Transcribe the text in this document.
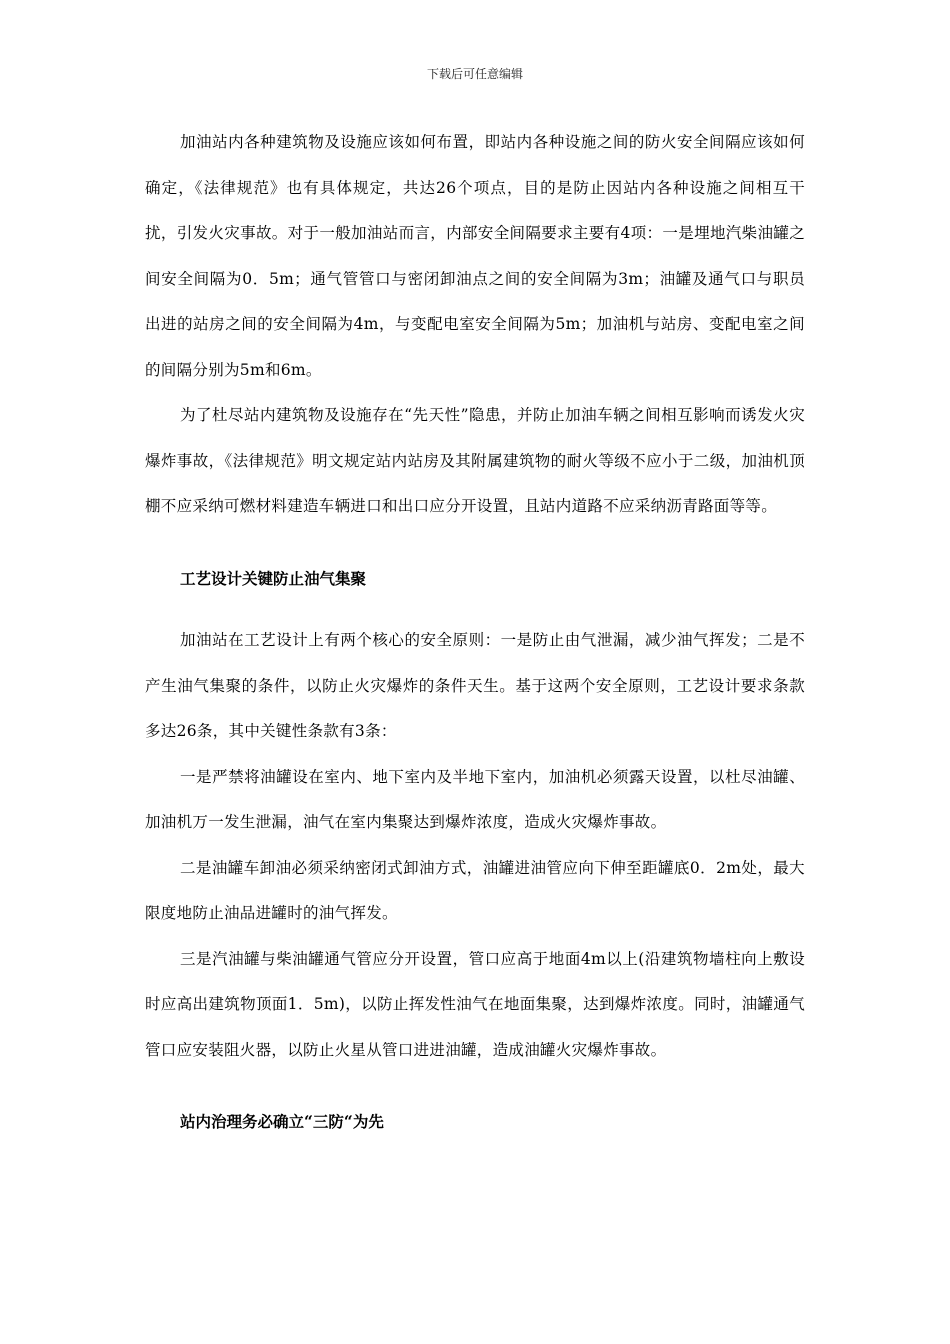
下载后可任意编辑

加油站内各种建筑物及设施应该如何布置，即站内各种设施之间的防火安全间隔应该如何确定，《法律规范》也有具体规定，共达26个项点，目的是防止因站内各种设施之间相互干扰，引发火灾事故。对于一般加油站而言，内部安全间隔要求主要有4项：一是埋地汽柴油罐之间安全间隔为0．5m；通气管管口与密闭卸油点之间的安全间隔为3m；油罐及通气口与职员出进的站房之间的安全间隔为4m，与变配电室安全间隔为5m；加油机与站房、变配电室之间的间隔分别为5m和6m。

为了杜尽站内建筑物及设施存在“先天性”隐患，并防止加油车辆之间相互影响而诱发火灾爆炸事故，《法律规范》明文规定站内站房及其附属建筑物的耐火等级不应小于二级，加油机顶棚不应采纳可燃材料建造车辆进口和出口应分开设置，且站内道路不应采纳沥青路面等等。

工艺设计关键防止油气集聚

加油站在工艺设计上有两个核心的安全原则：一是防止由气泄漏，减少油气挥发；二是不产生油气集聚的条件，以防止火灾爆炸的条件天生。基于这两个安全原则，工艺设计要求条款多达26条，其中关键性条款有3条：

一是严禁将油罐设在室内、地下室内及半地下室内，加油机必须露天设置，以杜尽油罐、加油机万一发生泄漏，油气在室内集聚达到爆炸浓度，造成火灾爆炸事故。

二是油罐车卸油必须采纳密闭式卸油方式，油罐进油管应向下伸至距罐底0．2m处，最大限度地防止油品进罐时的油气挥发。

三是汽油罐与柴油罐通气管应分开设置，管口应高于地面4m以上(沿建筑物墙柱向上敷设时应高出建筑物顶面1．5m)，以防止挥发性油气在地面集聚，达到爆炸浓度。同时，油罐通气管口应安装阻火器，以防止火星从管口进进油罐，造成油罐火灾爆炸事故。

站内治理务必确立“三防“为先
